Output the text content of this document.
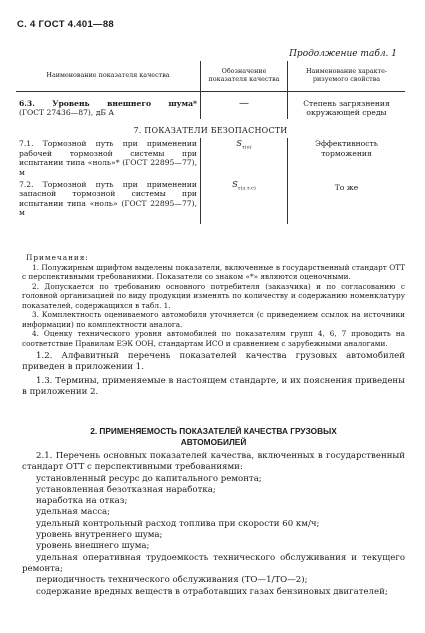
С. 4 ГОСТ 4.401—88
Продолжение табл. 1
Наименование показателя качества	Обозначение показателя качества	Наименование характе-ризуемого свойства

6.3. Уровень внешнего шума*
(ГОСТ 27436—87), дБ А	—	Степень загрязнения окружающей среды
7. ПОКАЗАТЕЛИ БЕЗОПАСНОСТИ		
7.1. Тормозной путь при применении рабочей тормозной системы при испытании типа «ноль»* (ГОСТ 22895—77), м	$S_{т(о)}$	Эффективность торможения
7.2. Тормозной путь при применении запасной тормозной системы при испытании типа «ноль» (ГОСТ 22895—77), м	$S_{т(з.т.с)}$	То же

Примечания:

1. Полужирным шрифтом выделены показатели, включенные в государственный стандарт ОТТ с перспективными требованиями. Показатели со знаком «*» являются оценочными.

2. Допускается по требованию основного потребителя (заказчика) и по согласованию с головной организацией по виду продукции изменять по количеству и содержанию номенклатуру показателей, содержащихся в табл. 1.

3. Комплектность оцениваемого автомобиля уточняется (с приведением ссылок на источники информации) по комплектности аналога.

4. Оценку технического уровня автомобилей по показателям групп 4, 6, 7 проводить на соответствие Правилам ЕЭК ООН, стандартам ИСО и сравнением с зарубежными аналогами.

1.2. Алфавитный перечень показателей качества грузовых автомобилей приведен в приложении 1.

1.3. Термины, применяемые в настоящем стандарте, и их пояснения приведены в приложении 2.

2. ПРИМЕНЯЕМОСТЬ ПОКАЗАТЕЛЕЙ КАЧЕСТВА ГРУЗОВЫХ
АВТОМОБИЛЕЙ

2.1. Перечень основных показателей качества, включенных в государственный стандарт ОТТ с перспективными требованиями:

установленный ресурс до капитального ремонта;

установленная безотказная наработка;

наработка на отказ;

удельная масса;

удельный контрольный расход топлива при скорости 60 км/ч;

уровень внутреннего шума;

уровень внешнего шума;

удельная оперативная трудоемкость технического обслуживания и текущего ремонта;

периодичность технического обслуживания (ТО—1/ТО—2);

содержание вредных веществ в отработавших газах бензиновых двигателей;
